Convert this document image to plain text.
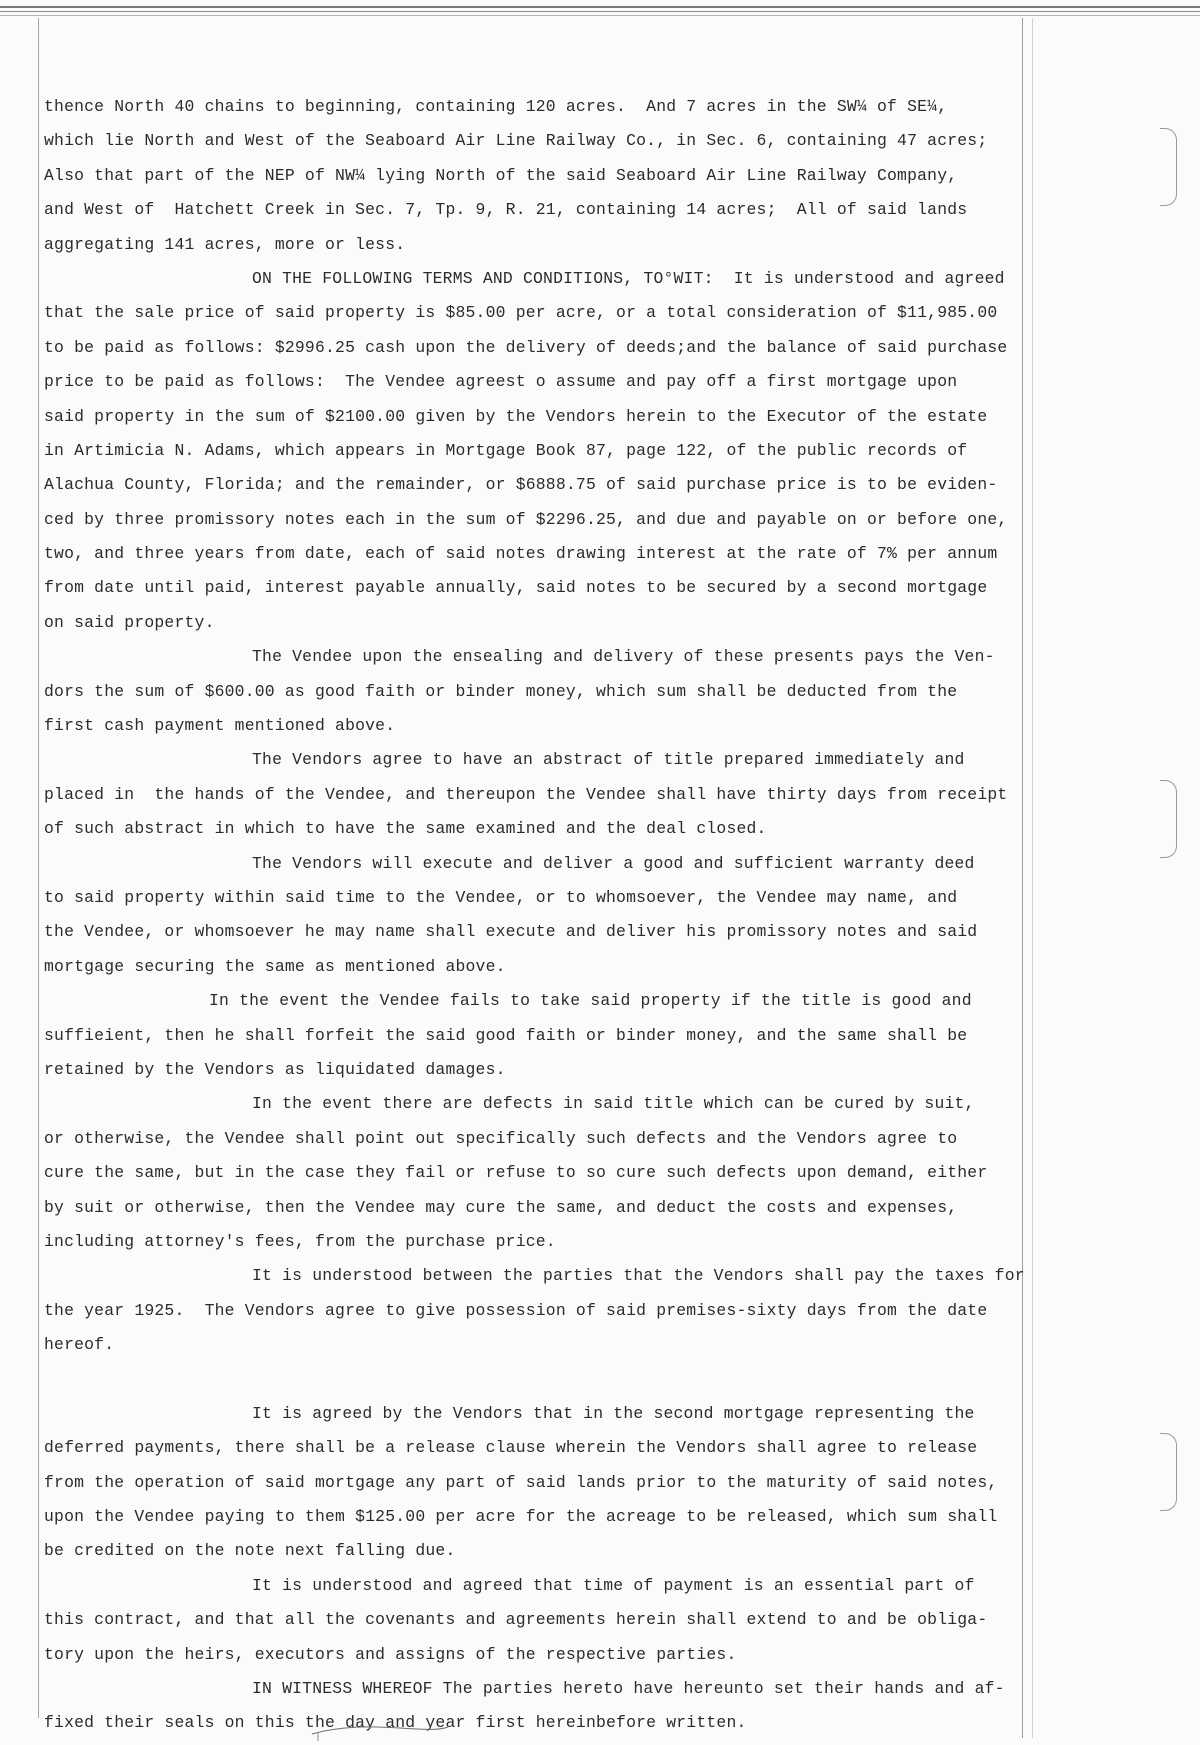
thence North 40 chains to beginning, containing 120 acres.  And 7 acres in the SW¼ of SE¼,
which lie North and West of the Seaboard Air Line Railway Co., in Sec. 6, containing 47 acres;
Also that part of the NEP of NW¼ lying North of the said Seaboard Air Line Railway Company,
and West of  Hatchett Creek in Sec. 7, Tp. 9, R. 21, containing 14 acres;  All of said lands
aggregating 141 acres, more or less.
ON THE FOLLOWING TERMS AND CONDITIONS, TO°WIT:  It is understood and agreed
that the sale price of said property is $85.00 per acre, or a total consideration of $11,985.00
to be paid as follows: $2996.25 cash upon the delivery of deeds;and the balance of said purchase
price to be paid as follows:  The Vendee agreest o assume and pay off a first mortgage upon
said property in the sum of $2100.00 given by the Vendors herein to the Executor of the estate
in Artimicia N. Adams, which appears in Mortgage Book 87, page 122, of the public records of
Alachua County, Florida; and the remainder, or $6888.75 of said purchase price is to be eviden-
ced by three promissory notes each in the sum of $2296.25, and due and payable on or before one,
two, and three years from date, each of said notes drawing interest at the rate of 7% per annum
from date until paid, interest payable annually, said notes to be secured by a second mortgage
on said property.
The Vendee upon the ensealing and delivery of these presents pays the Ven-
dors the sum of $600.00 as good faith or binder money, which sum shall be deducted from the
first cash payment mentioned above.
The Vendors agree to have an abstract of title prepared immediately and
placed in  the hands of the Vendee, and thereupon the Vendee shall have thirty days from receipt
of such abstract in which to have the same examined and the deal closed.
The Vendors will execute and deliver a good and sufficient warranty deed
to said property within said time to the Vendee, or to whomsoever, the Vendee may name, and
the Vendee, or whomsoever he may name shall execute and deliver his promissory notes and said
mortgage securing the same as mentioned above.
In the event the Vendee fails to take said property if the title is good and
suffieient, then he shall forfeit the said good faith or binder money, and the same shall be
retained by the Vendors as liquidated damages.
In the event there are defects in said title which can be cured by suit,
or otherwise, the Vendee shall point out specifically such defects and the Vendors agree to
cure the same, but in the case they fail or refuse to so cure such defects upon demand, either
by suit or otherwise, then the Vendee may cure the same, and deduct the costs and expenses,
including attorney's fees, from the purchase price.
It is understood between the parties that the Vendors shall pay the taxes for
the year 1925.  The Vendors agree to give possession of said premises-sixty days from the date
hereof.
It is agreed by the Vendors that in the second mortgage representing the
deferred payments, there shall be a release clause wherein the Vendors shall agree to release
from the operation of said mortgage any part of said lands prior to the maturity of said notes,
upon the Vendee paying to them $125.00 per acre for the acreage to be released, which sum shall
be credited on the note next falling due.
It is understood and agreed that time of payment is an essential part of
this contract, and that all the covenants and agreements herein shall extend to and be obliga-
tory upon the heirs, executors and assigns of the respective parties.
IN WITNESS WHEREOF The parties hereto have hereunto set their hands and af-
fixed their seals on this the day and year first hereinbefore written.
